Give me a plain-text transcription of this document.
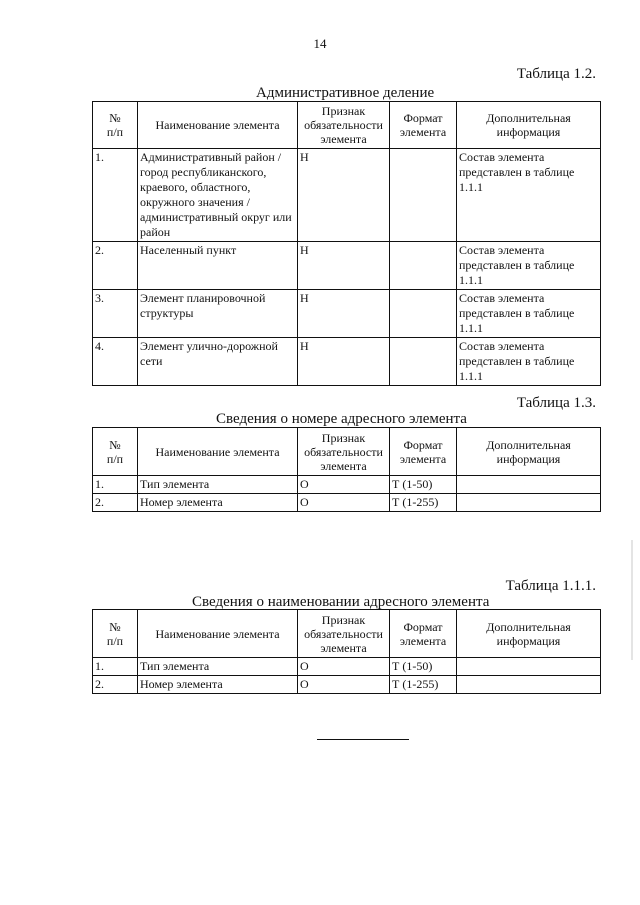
14
Таблица 1.2.
Административное деление
№
п/п	Наименование элемента	Признак обязательности элемента	Формат элемента	Дополнительная информация
1.	Административный район / город республиканского, краевого, областного, окружного значения / административный округ или район	Н		Состав элемента представлен в таблице 1.1.1
2.	Населенный пункт	Н		Состав элемента представлен в таблице 1.1.1
3.	Элемент планировочной структуры	Н		Состав элемента представлен в таблице 1.1.1
4.	Элемент улично-дорожной сети	Н		Состав элемента представлен в таблице 1.1.1
Таблица 1.3.
Сведения о номере адресного элемента
№
п/п	Наименование элемента	Признак обязательности элемента	Формат элемента	Дополнительная информация
1.	Тип элемента	О	Т (1-50)	
2.	Номер элемента	О	Т (1-255)	
Таблица 1.1.1.
Сведения о наименовании адресного элемента
№
п/п	Наименование элемента	Признак обязательности элемента	Формат элемента	Дополнительная информация
1.	Тип элемента	О	Т (1-50)	
2.	Номер элемента	О	Т (1-255)	
